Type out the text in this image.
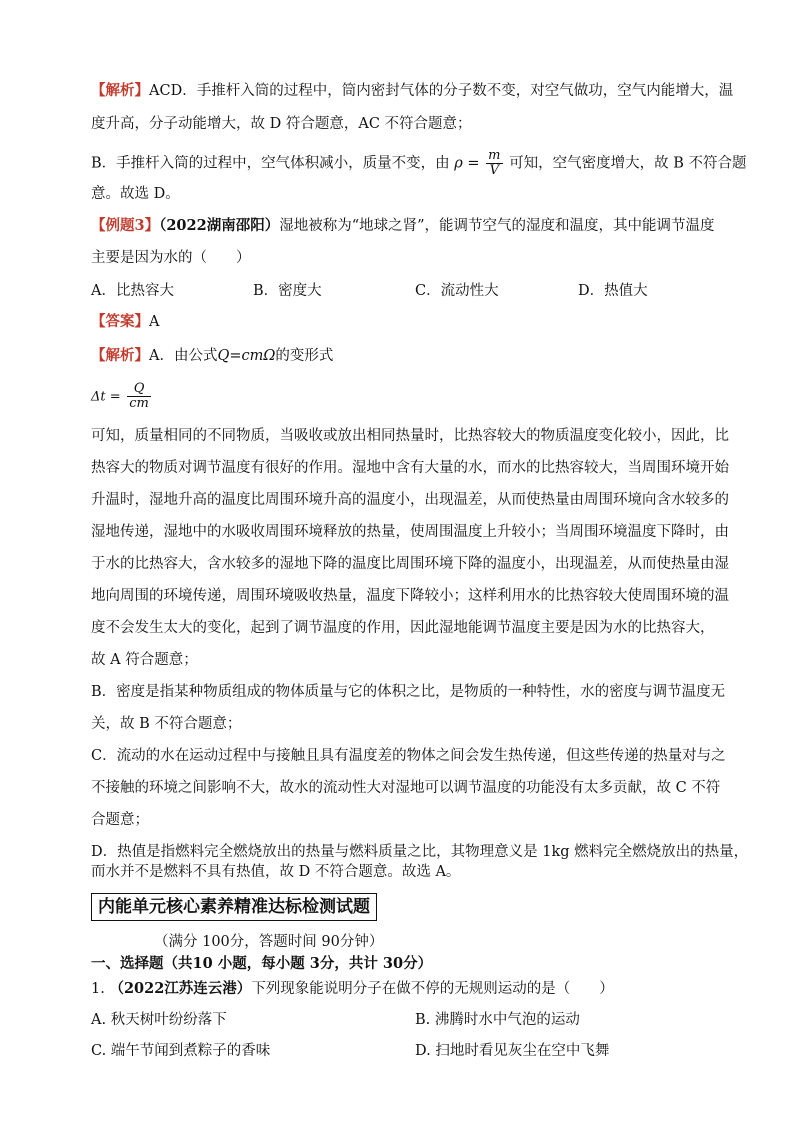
【解析】ACD．手推杆入筒的过程中，筒内密封气体的分子数不变，对空气做功，空气内能增大，温
度升高，分子动能增大，故 D 符合题意，AC 不符合题意；
B．手推杆入筒的过程中，空气体积减小，质量不变，由 $\rho = \frac{m}{V}$ 可知，空气密度增大，故 B 不符合题
意。故选 D。
【例题3】（2022湖南邵阳）湿地被称为“地球之肾”，能调节空气的湿度和温度，其中能调节温度
主要是因为水的（　　）
A．比热容大	B．密度大	C．流动性大	D．热值大
【答案】A
【解析】A．由公式Q=cmΩ的变形式
$\Delta t = \frac{Q}{cm}$
可知，质量相同的不同物质，当吸收或放出相同热量时，比热容较大的物质温度变化较小，因此，比
热容大的物质对调节温度有很好的作用。湿地中含有大量的水，而水的比热容较大，当周围环境开始
升温时，湿地升高的温度比周围环境升高的温度小，出现温差，从而使热量由周围环境向含水较多的
湿地传递，湿地中的水吸收周围环境释放的热量，使周围温度上升较小；当周围环境温度下降时，由
于水的比热容大，含水较多的湿地下降的温度比周围环境下降的温度小，出现温差，从而使热量由湿
地向周围的环境传递，周围环境吸收热量，温度下降较小；这样利用水的比热容较大使周围环境的温
度不会发生太大的变化，起到了调节温度的作用，因此湿地能调节温度主要是因为水的比热容大，
故 A 符合题意；
B．密度是指某种物质组成的物体质量与它的体积之比，是物质的一种特性，水的密度与调节温度无
关，故 B 不符合题意；
C．流动的水在运动过程中与接触且具有温度差的物体之间会发生热传递，但这些传递的热量对与之
不接触的环境之间影响不大，故水的流动性大对湿地可以调节温度的功能没有太多贡献，故 C 不符
合题意；
D．热值是指燃料完全燃烧放出的热量与燃料质量之比，其物理意义是 1kg 燃料完全燃烧放出的热量，
而水并不是燃料不具有热值，故 D 不符合题意。故选 A。
内能单元核心素养精准达标检测试题
（满分 100分，答题时间 90分钟）
一、选择题（共10 小题，每小题 3分，共计 30分）
1. （2022江苏连云港）下列现象能说明分子在做不停的无规则运动的是（　　）
A. 秋天树叶纷纷落下	B. 沸腾时水中气泡的运动
C. 端午节闻到煮粽子的香味	D. 扫地时看见灰尘在空中飞舞
